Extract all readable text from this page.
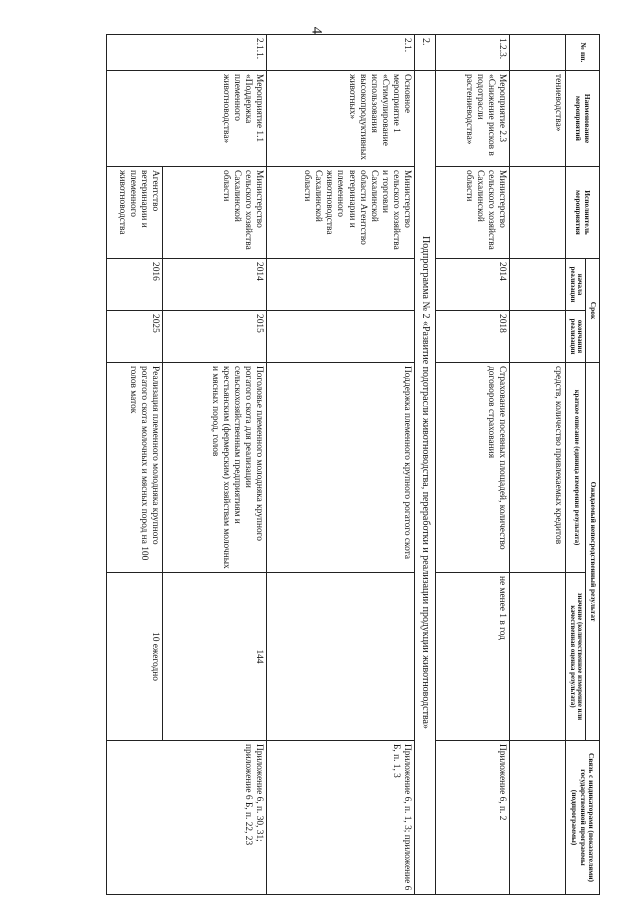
4
№ пп.	Наименование мероприятий	Исполнитель мероприятия	Срок		Ожидаемый непосредственный результат		Связь с индикаторами (показателями) государственной программы (подпрограммы)
			начала реализации	окончания реализации	краткое описание (единица измерения результата)	значение (количественное измерение или качественная оценка результата)	
	тениеводства»				средств, количество привлекаемых кредитов		
1.2.3.	Мероприятие 2.3 «Снижение рисков в подотрасли растениеводства»	Министерство сельского хозяйства Сахалинской области	2014	2018	Страхование посевных площадей, количество договоров страхования	не менее 1 в год	Приложение 6, п. 2
2.	Подпрограмма № 2 «Развитие подотрасли животноводства, переработки и реализации продукции животноводства»						
2.1.	Основное мероприятие 1 «Стимулирование использования высокопродуктивных животных»	Министерство сельского хозяйства и торговли Сахалинской области Агентство ветеринарии и племенного животноводства Сахалинской области			Поддержка племенного крупного рогатого скота		Приложение 6, п. 1, 3; приложение 6 Б, п. 1, 3
2.1.1.	Мероприятие 1.1 «Поддержка племенного животноводства»	Министерство сельского хозяйства Сахалинской области	2014	2015	Поголовье племенного молодняка крупного рогатого скота для реализации сельскохозяйственным предприятиям и крестьянским (фермерским) хозяйствам молочных и мясных пород, голов	144	Приложение 6, п. 30, 31; приложение 6 Б, п. 22, 23
		Агентство ветеринарии и племенного животноводства	2016	2025	Реализация племенного молодняка крупного рогатого скота молочных и мясных пород на 100 голов маток	10 ежегодно	
